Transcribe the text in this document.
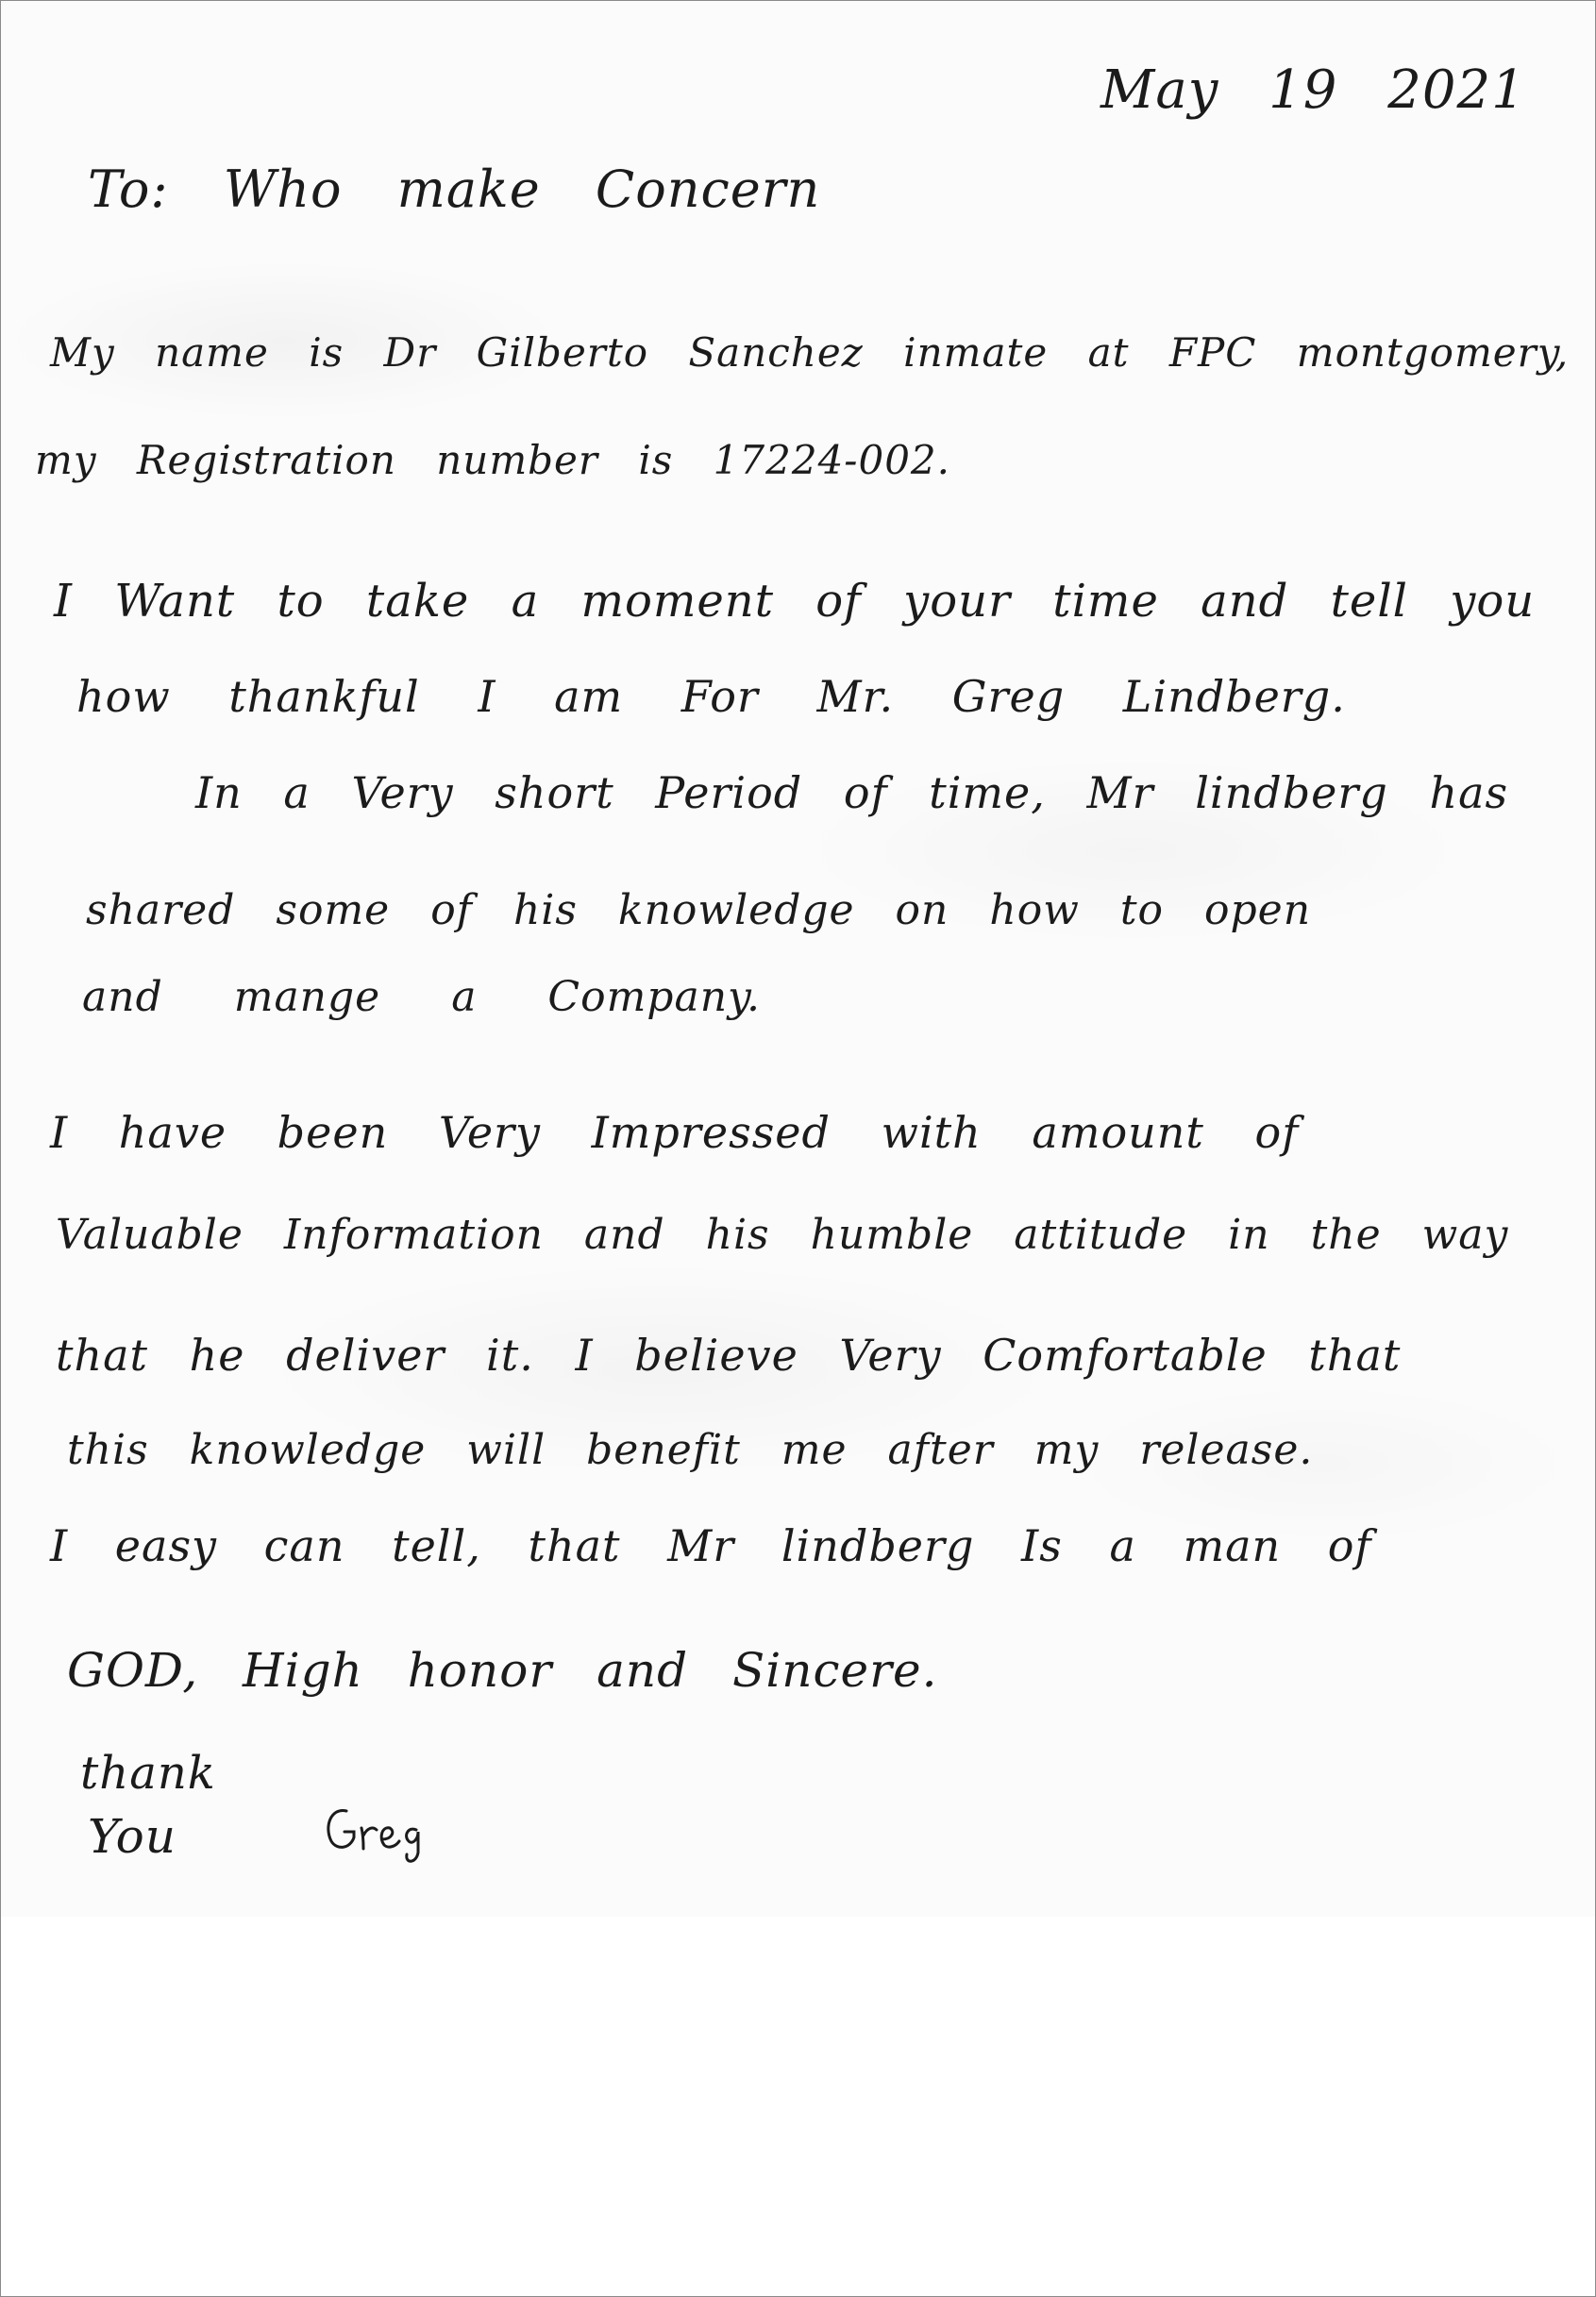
May 19 2021
To: Who make Concern
My name is Dr Gilberto Sanchez inmate at FPC montgomery,
my Registration number is 17224-002.
I Want to take a moment of your time and tell you
how thankful I am For Mr. Greg Lindberg.
In a Very short Period of time, Mr lindberg has
shared some of his knowledge on how to open
and mange a Company.
I have been Very Impressed with amount of
Valuable Information and his humble attitude in the way
that he deliver it. I believe Very Comfortable that
this knowledge will benefit me after my release.
I easy can tell, that Mr lindberg Is a man of
GOD, High honor and Sincere.
thank
You
